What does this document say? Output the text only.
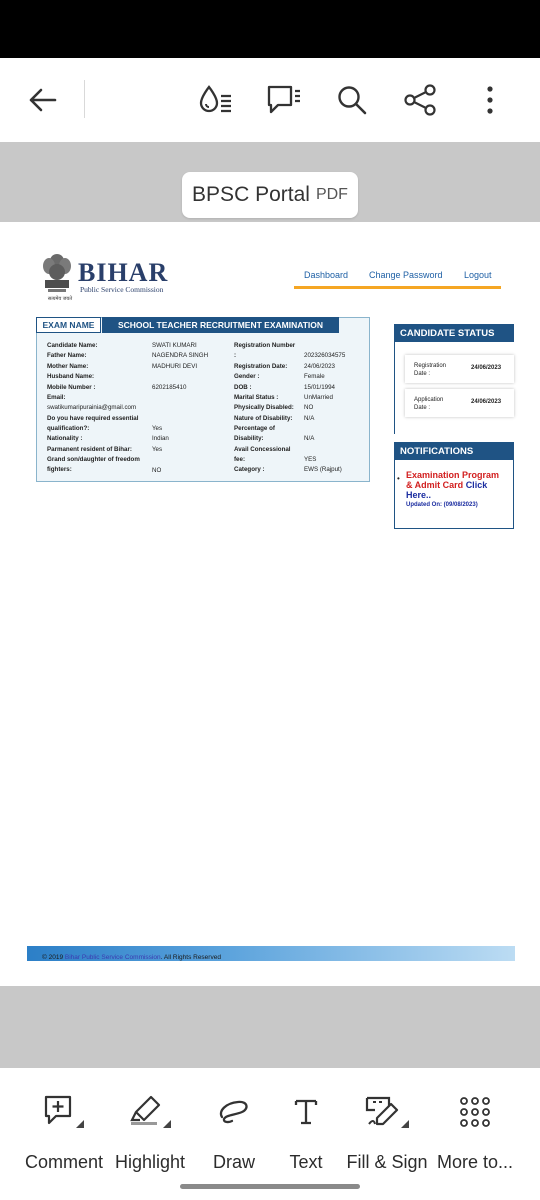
BPSC Portal PDF
सत्यमेव जयते
BIHAR
Public Service Commission
Dashboard Change Password Logout
EXAM NAME	SCHOOL TEACHER RECRUITMENT EXAMINATION
Candidate Name:
Father Name:
Mother Name:
Husband Name:
Mobile Number :
Email:
Do you have required essential
qualification?:
Nationality :
Parmanent resident of Bihar:
Grand son/daughter of freedom
fighters:
SWATI KUMARI
NAGENDRA SINGH
MADHURI DEVI
6202185410
swatikumaripurainia@gmail.com
Yes
Indian
Yes
NO
Registration Number
:
Registration Date:
Gender :
DOB :
Marital Status :
Physically Disabled:
Nature of Disability:
Percentage of
Disability:
Avail Concessional
fee:
Category :
202326034575
24/06/2023
Female
15/01/1994
UnMarried
NO
N/A
N/A
YES
EWS (Rajput)
CANDIDATE STATUS
Registration
Date :
24/06/2023
Application
Date :
24/06/2023
NOTIFICATIONS
• Examination Program & Admit Card Click Here..
Updated On: (09/08/2023)
© 2019 Bihar Public Service Commission. All Rights Reserved
Comment Highlight Draw Text Fill & Sign More to...
